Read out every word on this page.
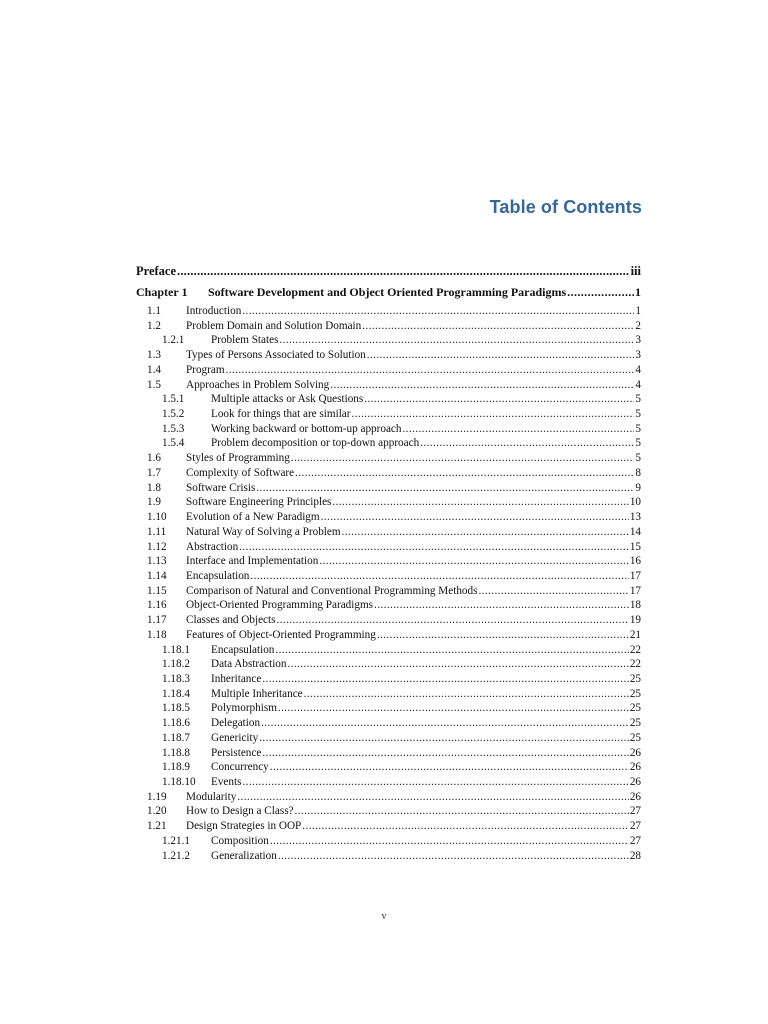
Table of Contents
Preface .....	iii
Chapter 1	Software Development and Object Oriented Programming Paradigms .....	1
1.1	Introduction .....	1
1.2	Problem Domain and Solution Domain .....	2
1.2.1	Problem States .....	3
1.3	Types of Persons Associated to Solution .....	3
1.4	Program .....	4
1.5	Approaches in Problem Solving .....	4
1.5.1	Multiple attacks or Ask Questions .....	5
1.5.2	Look for things that are similar .....	5
1.5.3	Working backward or bottom-up approach .....	5
1.5.4	Problem decomposition or top-down approach .....	5
1.6	Styles of Programming .....	5
1.7	Complexity of Software .....	8
1.8	Software Crisis .....	9
1.9	Software Engineering Principles .....	10
1.10	Evolution of a New Paradigm .....	13
1.11	Natural Way of Solving a Problem .....	14
1.12	Abstraction .....	15
1.13	Interface and Implementation .....	16
1.14	Encapsulation .....	17
1.15	Comparison of Natural and Conventional Programming Methods .....	17
1.16	Object-Oriented Programming Paradigms .....	18
1.17	Classes and Objects .....	19
1.18	Features of Object-Oriented Programming .....	21
1.18.1	Encapsulation .....	22
1.18.2	Data Abstraction .....	22
1.18.3	Inheritance .....	25
1.18.4	Multiple Inheritance .....	25
1.18.5	Polymorphism .....	25
1.18.6	Delegation .....	25
1.18.7	Genericity .....	25
1.18.8	Persistence .....	26
1.18.9	Concurrency .....	26
1.18.10	Events .....	26
1.19	Modularity .....	26
1.20	How to Design a Class? .....	27
1.21	Design Strategies in OOP .....	27
1.21.1	Composition .....	27
1.21.2	Generalization .....	28
v
